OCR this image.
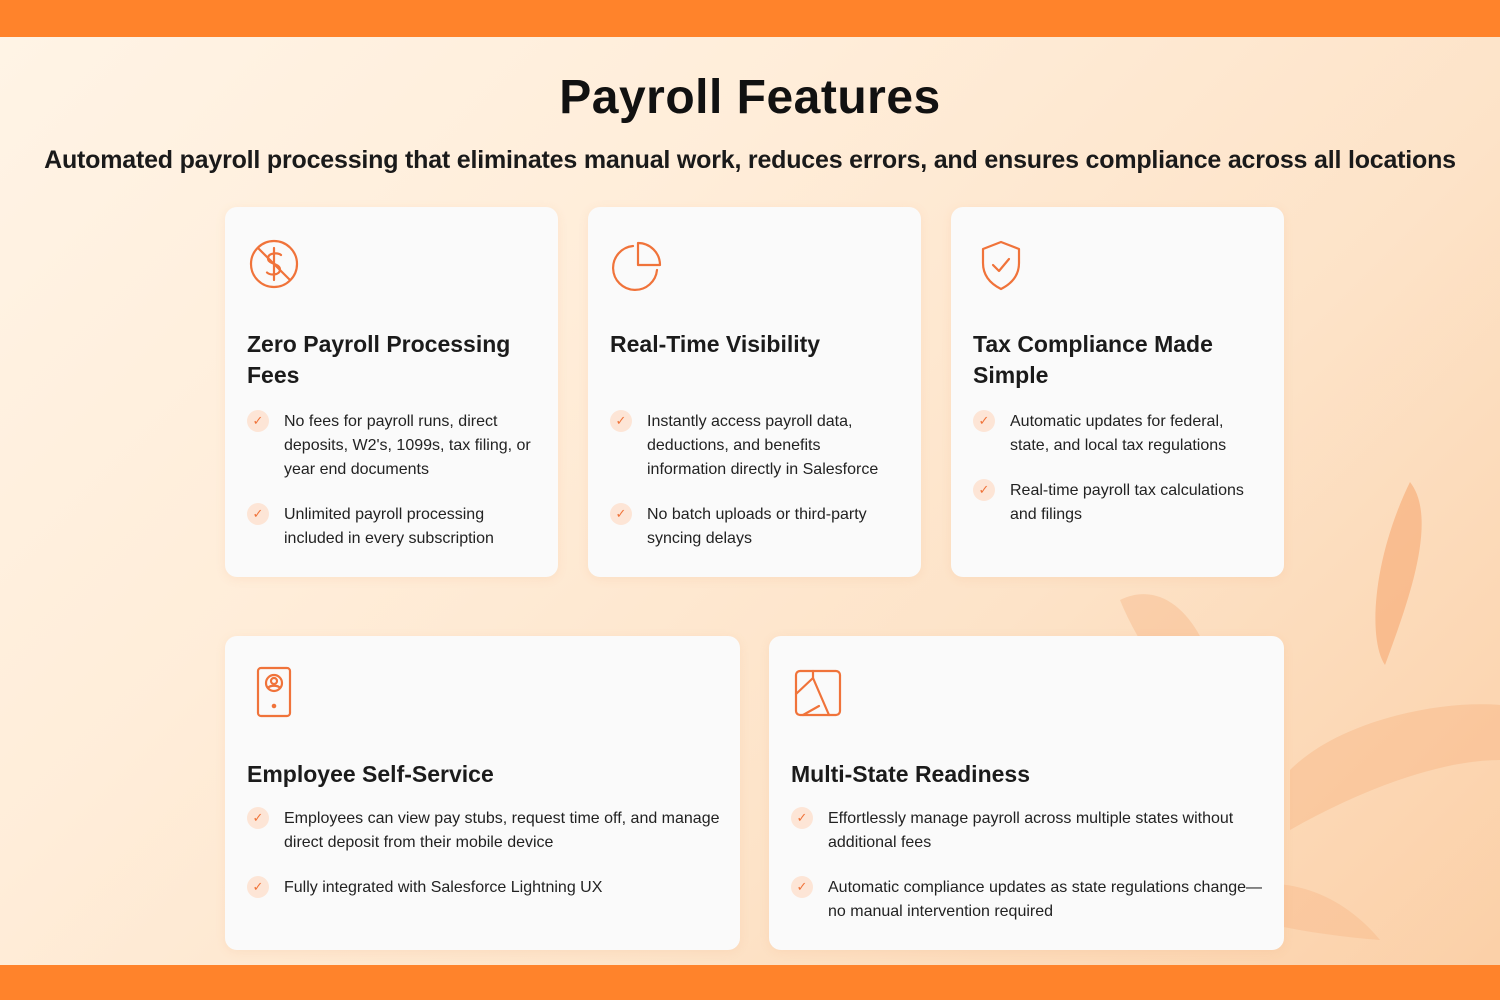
Payroll Features

Automated payroll processing that eliminates manual work, reduces errors, and ensures compliance across all locations

Zero Payroll Processing Fees
✓	No fees for payroll runs, direct deposits, W2's, 1099s, tax filing, or year end documents
✓	Unlimited payroll processing included in every subscription
Real-Time Visibility
✓	Instantly access payroll data, deductions, and benefits information directly in Salesforce
✓	No batch uploads or third-party syncing delays
Tax Compliance Made Simple
✓	Automatic updates for federal, state, and local tax regulations
✓	Real-time payroll tax calculations and filings
Employee Self-Service
✓	Employees can view pay stubs, request time off, and manage direct deposit from their mobile device
✓	Fully integrated with Salesforce Lightning UX
Multi-State Readiness
✓	Effortlessly manage payroll across multiple states without additional fees
✓	Automatic compliance updates as state regulations change—no manual intervention required
